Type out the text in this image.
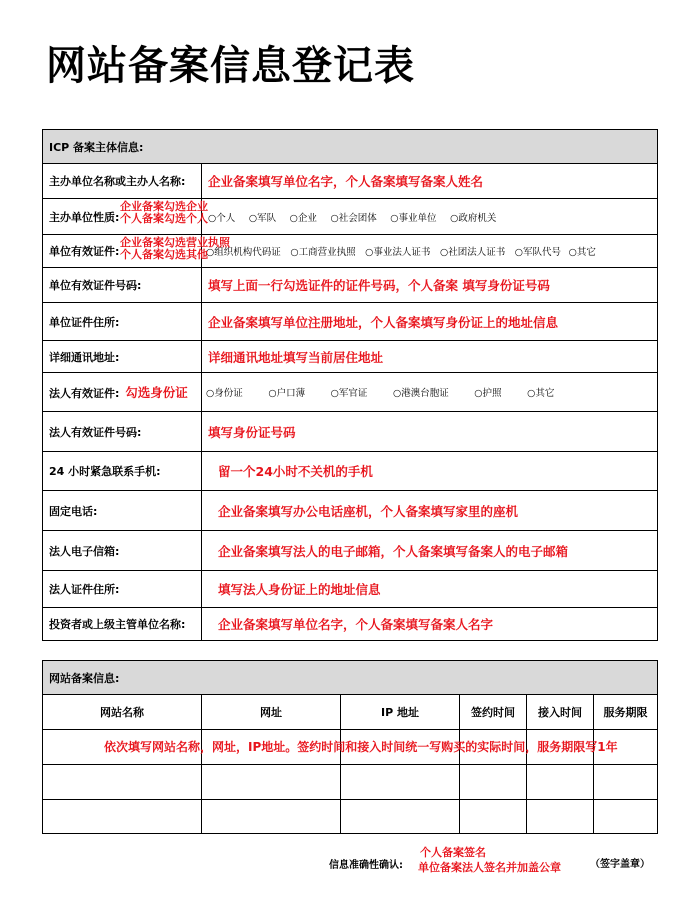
网站备案信息登记表
ICP 备案主体信息:	
主办单位名称或主办人名称:	企业备案填写单位名字，个人备案填写备案人姓名
主办单位性质:	○ 个人 ○ 军队 ○ 企业 ○ 社会团体 ○ 事业单位 ○ 政府机关
单位有效证件:	○ 组织机构代码证 ○ 工商营业执照 ○ 事业法人证书 ○ 社团法人证书 ○ 军队代号 ○ 其它
单位有效证件号码:	填写上面一行勾选证件的证件号码，个人备案 填写身份证号码
单位证件住所:	企业备案填写单位注册地址，个人备案填写身份证上的地址信息
详细通讯地址:	详细通讯地址填写当前居住地址
法人有效证件: 勾选身份证	○ 身份证 ○ 户口薄 ○ 军官证 ○ 港澳台胞证 ○ 护照 ○ 其它
法人有效证件号码:	填写身份证号码
24 小时紧急联系手机:	留一个24小时不关机的手机
固定电话:	企业备案填写办公电话座机，个人备案填写家里的座机
法人电子信箱:	企业备案填写法人的电子邮箱，个人备案填写备案人的电子邮箱
法人证件住所:	填写法人身份证上的地址信息
投资者或上级主管单位名称:	企业备案填写单位名字，个人备案填写备案人名字
企业备案勾选企业
个人备案勾选个人
企业备案勾选营业执照
个人备案勾选其他
网站备案信息:					
网站名称	网址	IP 地址	签约时间	接入时间	服务期限

依次填写网站名称，网址，IP地址。签约时间和接入时间统一写购买的实际时间，服务期限写1年
信息准确性确认:
个人备案签名
单位备案法人签名并加盖公章	（签字盖章）
